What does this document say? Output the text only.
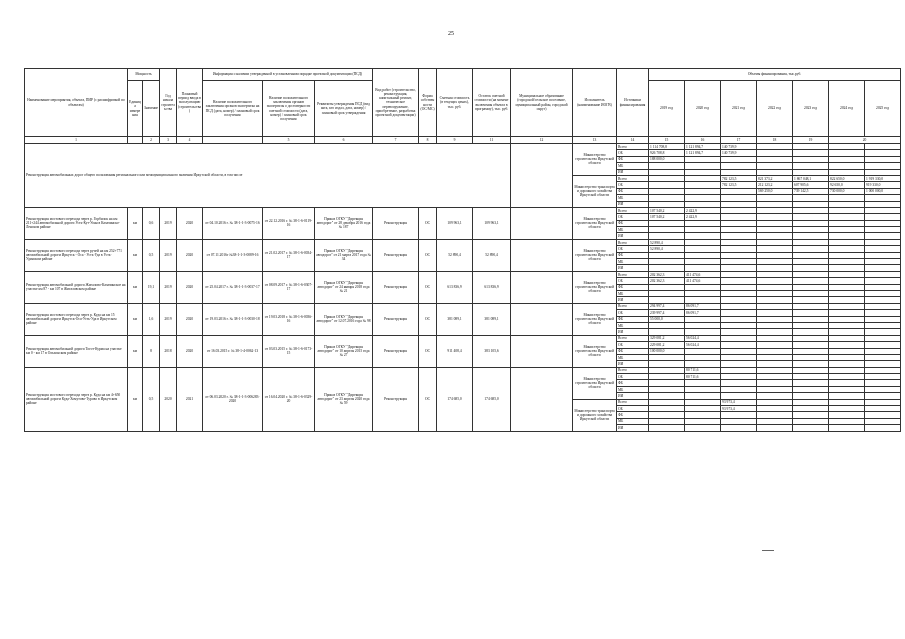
25
Наименование мероприятия, объекта, ПИР (с расшифровкой по объектам)	Мощность		Год начала строительства	Плановый период ввода в эксплуатацию (строительства)	Информация о наличии утвержденной в установленном порядке проектной документации (ПСД)			Вид работ (строительство, реконструкция, капитальный ремонт, техническое перевооружение, приобретение, разработка проектной документации)	Форма собственности (ОС/МС)	Сметная стоимость (в текущих ценах), тыс. руб.	Остаток сметной стоимости (на момент включения объекта в программу), тыс. руб.	Муниципальное образование (городской/сельское поселение, муниципальный район, городской округ)	Исполнитель (наименование ИОГВ)	Источники финансирования	Объемы финансирования, тыс.руб.						
	Единица измерения	Значение			Наличие положительного заключения органов экспертизы на ПСД (дата, номер) / плановый срок получения	Наличие положительного заключения органов экспертизы о достоверности сметной стоимости (дата, номер) / плановый срок получения	Реквизиты утверждения ПСД (вид акта, кто издал, дата, номер) / плановый срок утверждения								2019 год	2020 год	2021 год	2022 год	2023 год	2024 год	2025 год

1		2	3	4		5	6	7	8	9	11	12	13	14	15	16	17	18	19	20	
Реконструкция автомобильных дорог общего пользования регионального или межмуниципального значения Иркутской области, в том числе													Министерство строительства Иркутской области	Всего	1 114 708,8	1 121 894,7	140 739,9				
														ОБ	926 708,8	1 121 894,7	140 739,9				
														ФБ	188 000,0						
														МБ							
														ИИ							
													Министерство транспорта и дорожного хозяйства Иркутской области	Всего			782 123,5	821 373,2	1 867 048,1	822 650,0	1 919 330,0
														ОБ			782 123,5	212 123,2	607 905,6	92 650,0	919 330,0
														ФБ				569 250,0	739 142,5	730 000,0	1 000 000,0
														МБ							
														ИИ							
Реконструкция мостового перехода через р. Горбилок на км 211+244 автомобильной дороги Усть-Кут-Уоян в Казачинско-Ленском районе	км	0,6	2019	2020	от 04.10.2016 г. № 38-1-1-3-0075-16	от 22.12.2016 г. № 38-1-6-0119-16	Приказ ОГКУ "Дирекция автодорог" от 28 декабря 2016 года № 187	Реконструкция	ОС	109 963,1	109 963,1		Министерство строительства Иркутской области	Всего	107 540,2	2 422,9					
														ОБ	107 540,2	2 422,9					
														ФБ							
														МБ							
														ИИ							
Реконструкция мостового перехода через ручей на км 252+771 автомобильной дороги Иркутск - Оса - Усть-Уда в Усть-Удинском районе	км	0,5	2019	2020	от 07.11.2016г №38-1-1-3-0089-16	от 21.02.2017 г. № 38-1-6-0034-17	Приказ ОГКУ "Дирекция автодорог" от 21 марта 2017 года № 34	Реконструкция	ОС	52 890,4	52 890,4		Министерство строительства Иркутской области	Всего	52 890,4						
														ОБ	52 890,4						
														ФБ							
														МБ							
														ИИ							
Реконструкция автомобильной дороги Жигалово-Казачинское на участке км 87 - км 107 в Жигаловском районе	км	19,1	2019	2020	от 25.04.2017 г. № 38-1-1-3-0037-17	от 08.09.2017 г. № 38-1-6-0307-17	Приказ ОГКУ "Дирекция автодорог" от 24 января 2018 года № 21	Реконструкция	ОС	613 836,9	613 836,9		Министерство строительства Иркутской области	Всего	202 362,3	411 474,6					
														ОБ	202 362,3	411 474,6					
														ФБ							
														МБ							
														ИИ							
Реконструкция мостового перехода через р. Куда на км 15 автомобильной дороги Иркутск-Оса-Усть-Уда в Иркутском районе	км	1,6	2019	2020	от 19.03.2016 г. № 38-1-1-3-0030-18	от 19.03.2018 г. № 38-1-6-0036-16	Приказ ОГКУ "Дирекция автодорог" от 12.07.2016 года № 98	Реконструкция	ОС	381 089,1	381 089,1		Министерство строительства Иркутской области	Всего	294 997,4	86 091,7					
														ОБ	239 997,4	86 091,7					
														ФБ	55 000,0						
														МБ							
														ИИ							
Реконструкция автомобильной дороги Тогот-Курма на участке км 0 - км 17 в Ольхонском районе	км	8	2018	2020	от 16.03.2015 г. № 38-1-4-0062-13	от 03.03.2015 г. № 38-1-6-0173-15	Приказ ОГКУ "Дирекция автодорог" от 10 апреля 2015 года № 27	Реконструкция	ОС	911 408,4	383 105,6		Министерство строительства Иркутской области	Всего	329 081,2	56 024,4					
														ОБ	229 081,2	56 024,4					
														ФБ	100 000,0						
														МБ							
														ИИ							
Реконструкция мостового перехода через р. Куда на км 4+650 автомобильной дороги Куда-Хомутово-Турово в Иркутском районе	км	0,5	2020	2021	от 06.03.2020 г. № 38-1-1-3-006283-2020	от 16.04.2020 г. № 38-1-6-0329-20	Приказ ОГКУ "Дирекция автодорог" от 23 апреля 2020 года № 59	Реконструкция	ОС	174 685,0	174 685,0		Министерство строительства Иркутской области	Всего		80 711,6					
														ОБ		80 711,6					
														ФБ							
														МБ							
														ИИ							
													Министерство транспорта и дорожного хозяйства Иркутской области	Всего			93 973,4				
														ОБ			93 973,4				
														ФБ							
														МБ							
														ИИ							
